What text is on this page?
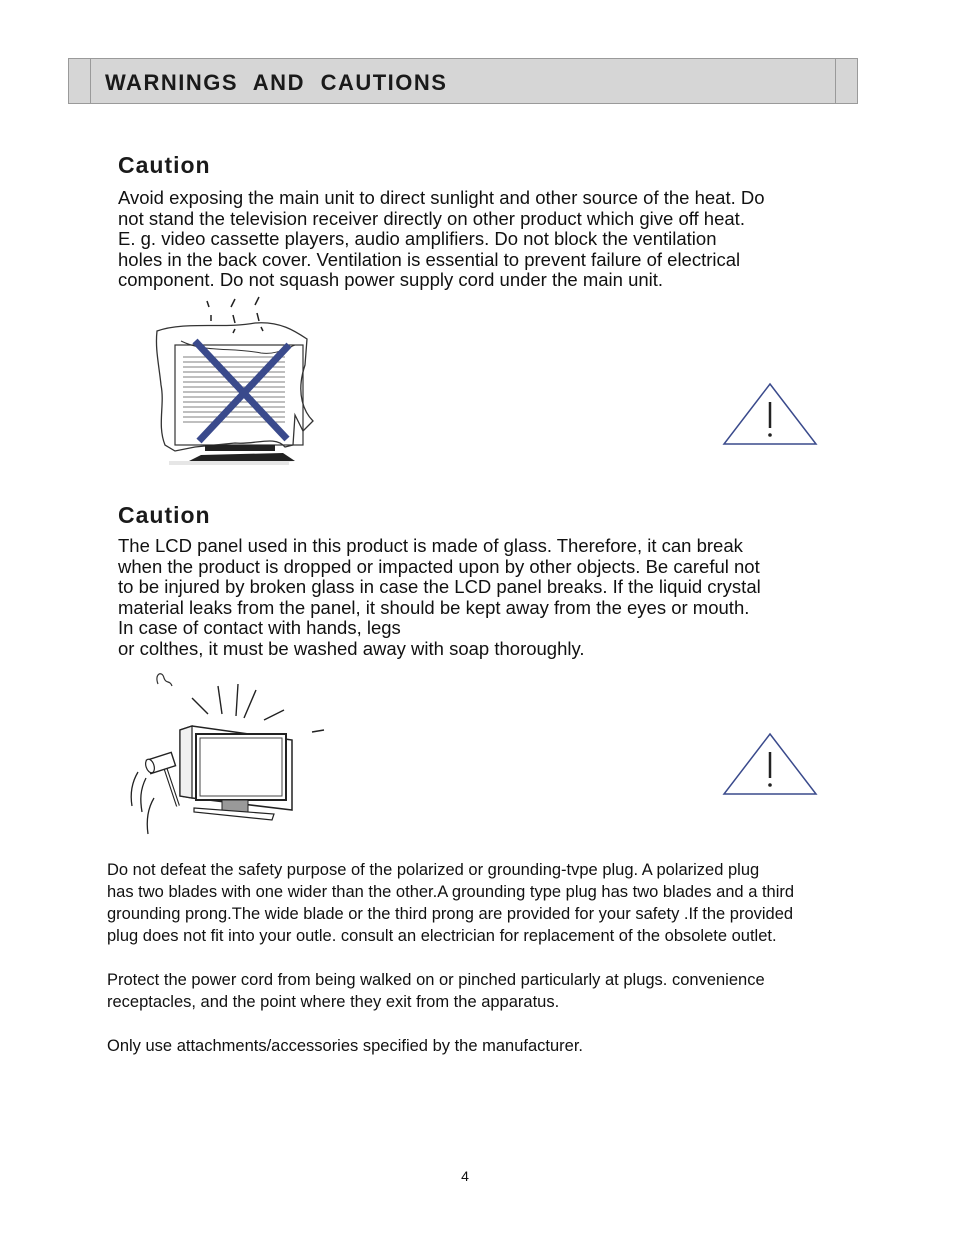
WARNINGS AND CAUTIONS
Caution

Avoid exposing the main unit to direct sunlight and other source of the heat. Do
not stand the television receiver directly on other product which give off heat.
E. g. video cassette players, audio amplifiers. Do not block the ventilation
holes in the back cover. Ventilation is essential to prevent failure of electrical
component. Do not squash power supply cord under the main unit.

Caution

The LCD panel used in this product is made of glass. Therefore, it can break
when the product is dropped or impacted upon by other objects. Be careful not
to be injured by broken glass in case the LCD panel breaks. If the liquid crystal
material leaks from the panel, it should be kept away from the eyes or mouth.
In case of contact with hands, legs
or colthes, it must be washed away with soap thoroughly.

Do not defeat the safety purpose of the polarized or grounding-tvpe plug. A polarized plug
has two blades with one wider than the other.A grounding type plug has two blades and a third
grounding prong.The wide blade or the third prong are provided for your safety .If the provided
plug does not fit into your outle. consult an electrician for replacement of the obsolete outlet.

Protect the power cord from being walked on or pinched particularly at plugs. convenience
receptacles, and the point where they exit from the apparatus.

Only use attachments/accessories specified by the manufacturer.

4
